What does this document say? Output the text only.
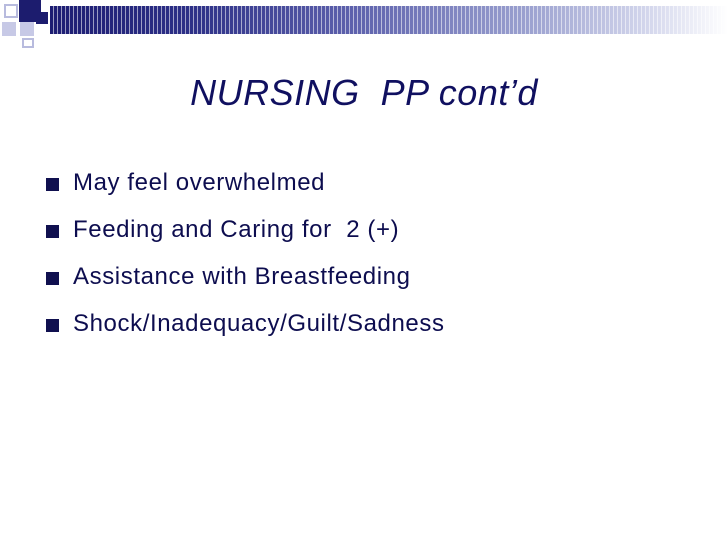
NURSING  PP cont’d

May feel overwhelmed

Feeding and Caring for  2 (+)

Assistance with Breastfeeding

Shock/Inadequacy/Guilt/Sadness
